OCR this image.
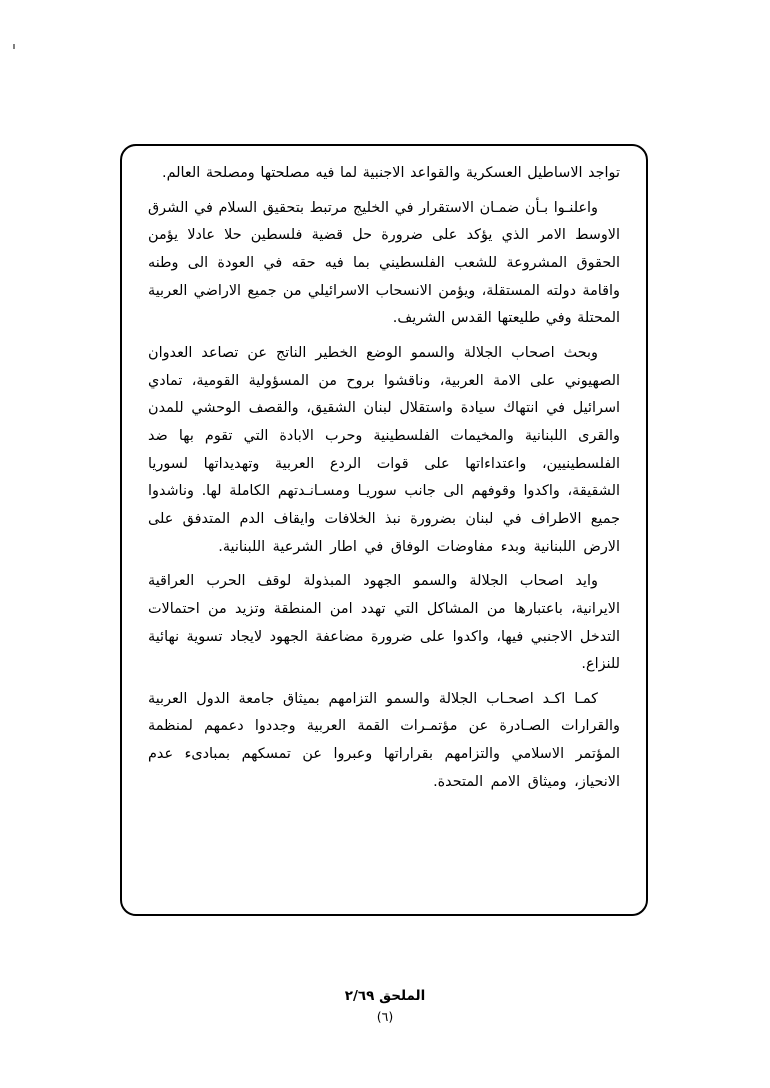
تواجد الاساطيل العسكرية والقواعد الاجنبية لما فيه مصلحتها ومصلحة العالم.

واعلنـوا بـأن ضمـان الاستقرار في الخليج مرتبط بتحقيق السلام في الشرق الاوسط الامر الذي يؤكد على ضرورة حل قضية فلسطين حلا عادلا يؤمن الحقوق المشروعة للشعب الفلسطيني بما فيه حقه في العودة الى وطنه واقامة دولته المستقلة، ويؤمن الانسحاب الاسرائيلي من جميع الاراضي العربية المحتلة وفي طليعتها القدس الشريف.

وبحث اصحاب الجلالة والسمو الوضع الخطير الناتج عن تصاعد العدوان الصهيوني على الامة العربية، وناقشوا بروح من المسؤولية القومية، تمادي اسرائيل في انتهاك سيادة واستقلال لبنان الشقيق، والقصف الوحشي للمدن والقرى اللبنانية والمخيمات الفلسطينية وحرب الابادة التي تقوم بها ضد الفلسطينيين، واعتداءاتها على قوات الردع العربية وتهديداتها لسوريا الشقيقة، واكدوا وقوفهم الى جانب سوريـا ومسـانـدتهم الكاملة لها. وناشدوا جميع الاطراف في لبنان بضرورة نبذ الخلافات وايقاف الدم المتدفق على الارض اللبنانية وبدء مفاوضات الوفاق في اطار الشرعية اللبنانية.

وايد اصحاب الجلالة والسمو الجهود المبذولة لوقف الحرب العراقية الايرانية، باعتبارها من المشاكل التي تهدد امن المنطقة وتزيد من احتمالات التدخل الاجنبي فيها، واكدوا على ضرورة مضاعفة الجهود لايجاد تسوية نهائية للنزاع.

كمـا اكـد اصحـاب الجلالة والسمو التزامهم بميثاق جامعة الدول العربية والقرارات الصـادرة عن مؤتمـرات القمة العربية وجددوا دعمهم لمنظمة المؤتمر الاسلامي والتزامهم بقراراتها وعبروا عن تمسكهم بمبادىء عدم الانحياز، وميثاق الامم المتحدة.

الملحق ٢/٦٩
(٦)
